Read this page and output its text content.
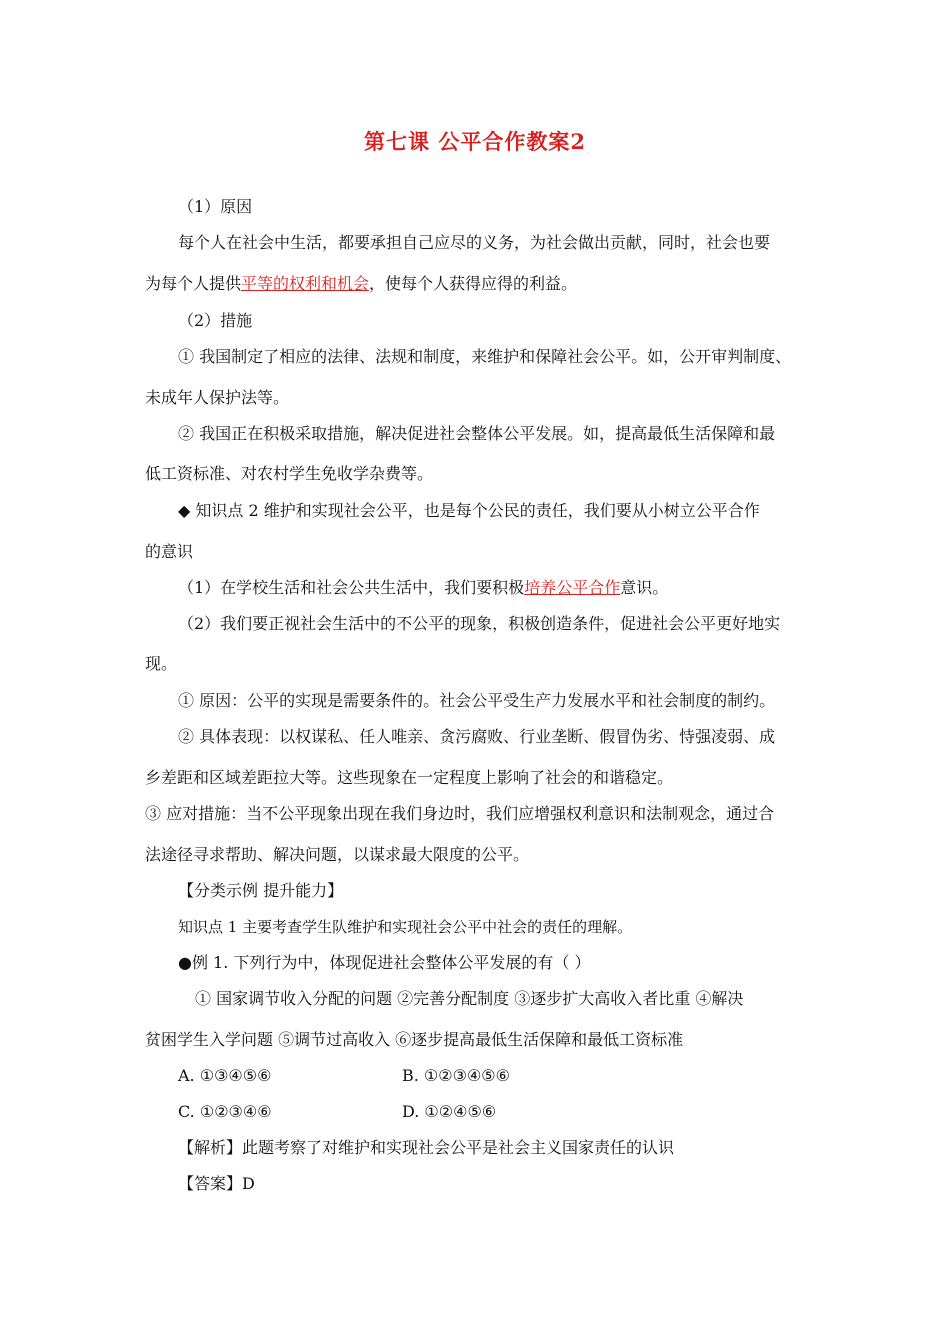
第七课 公平合作教案2
（1）原因
每个人在社会中生活，都要承担自己应尽的义务，为社会做出贡献，同时，社会也要
为每个人提供平等的权利和机会，使每个人获得应得的利益。
（2）措施
① 我国制定了相应的法律、法规和制度，来维护和保障社会公平。如，公开审判制度、
未成年人保护法等。
② 我国正在积极采取措施，解决促进社会整体公平发展。如，提高最低生活保障和最
低工资标准、对农村学生免收学杂费等。
◆ 知识点 2 维护和实现社会公平，也是每个公民的责任，我们要从小树立公平合作
的意识
（1）在学校生活和社会公共生活中，我们要积极培养公平合作意识。
（2）我们要正视社会生活中的不公平的现象，积极创造条件，促进社会公平更好地实
现。
① 原因：公平的实现是需要条件的。社会公平受生产力发展水平和社会制度的制约。
② 具体表现：以权谋私、任人唯亲、贪污腐败、行业垄断、假冒伪劣、恃强凌弱、成
乡差距和区域差距拉大等。这些现象在一定程度上影响了社会的和谐稳定。
③ 应对措施：当不公平现象出现在我们身边时，我们应增强权利意识和法制观念，通过合
法途径寻求帮助、解决问题，以谋求最大限度的公平。
【分类示例 提升能力】
知识点 1 主要考查学生队维护和实现社会公平中社会的责任的理解。
●例 1. 下列行为中，体现促进社会整体公平发展的有（ ）
① 国家调节收入分配的问题 ②完善分配制度 ③逐步扩大高收入者比重 ④解决
贫困学生入学问题 ⑤调节过高收入 ⑥逐步提高最低生活保障和最低工资标准
A. ①③④⑤⑥	B. ①②③④⑤⑥
C. ①②③④⑥	D. ①②④⑤⑥
【解析】此题考察了对维护和实现社会公平是社会主义国家责任的认识
【答案】D
